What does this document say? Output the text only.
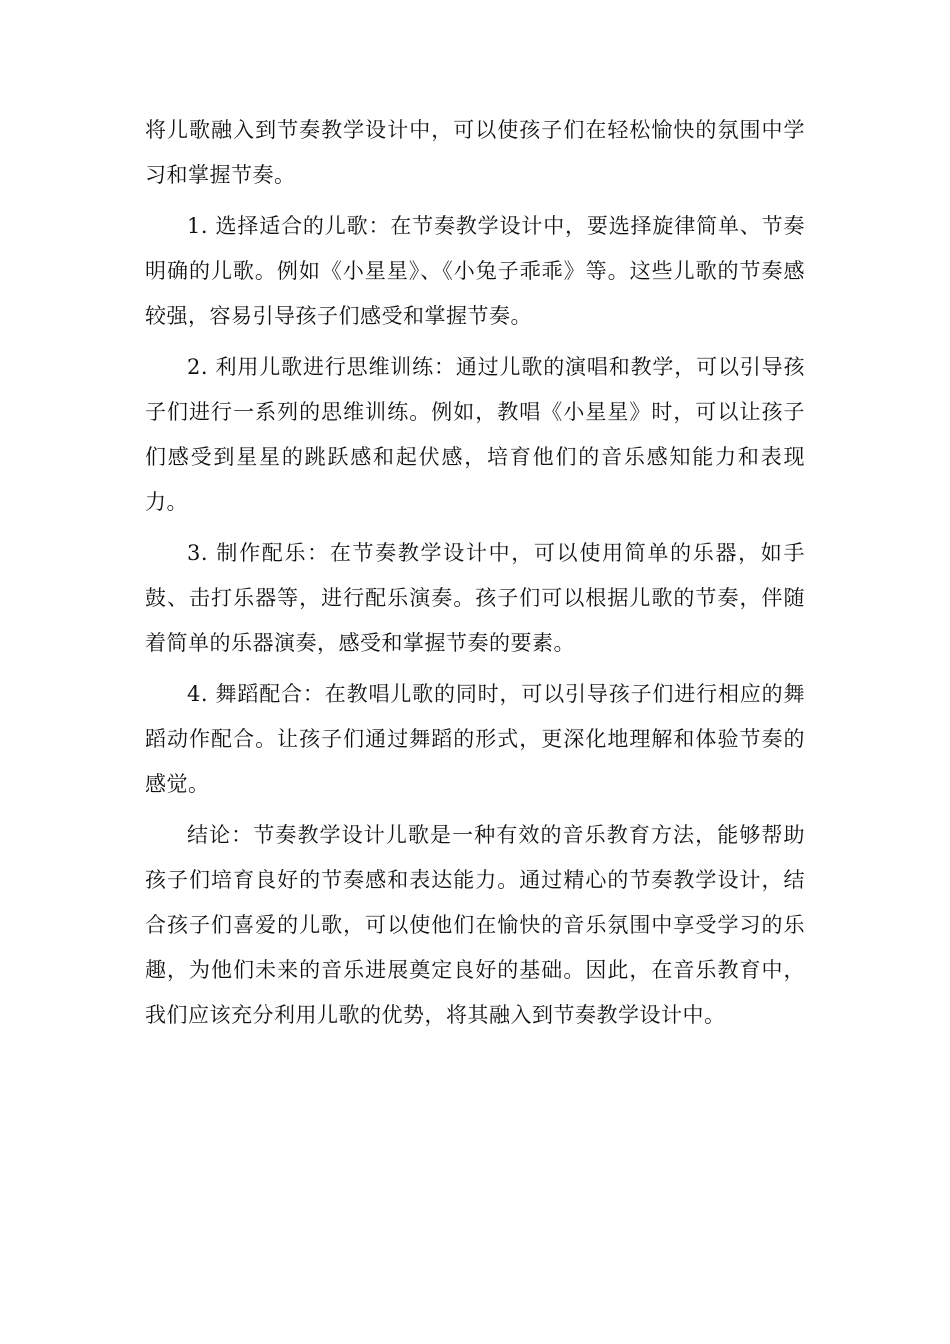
将儿歌融入到节奏教学设计中，可以使孩子们在轻松愉快的氛围中学习和掌握节奏。

1. 选择适合的儿歌：在节奏教学设计中，要选择旋律简单、节奏明确的儿歌。例如《小星星》、《小兔子乖乖》等。这些儿歌的节奏感较强，容易引导孩子们感受和掌握节奏。

2. 利用儿歌进行思维训练：通过儿歌的演唱和教学，可以引导孩子们进行一系列的思维训练。例如，教唱《小星星》时，可以让孩子们感受到星星的跳跃感和起伏感，培育他们的音乐感知能力和表现力。

3. 制作配乐：在节奏教学设计中，可以使用简单的乐器，如手鼓、击打乐器等，进行配乐演奏。孩子们可以根据儿歌的节奏，伴随着简单的乐器演奏，感受和掌握节奏的要素。

4. 舞蹈配合：在教唱儿歌的同时，可以引导孩子们进行相应的舞蹈动作配合。让孩子们通过舞蹈的形式，更深化地理解和体验节奏的感觉。

结论：节奏教学设计儿歌是一种有效的音乐教育方法，能够帮助孩子们培育良好的节奏感和表达能力。通过精心的节奏教学设计，结合孩子们喜爱的儿歌，可以使他们在愉快的音乐氛围中享受学习的乐趣，为他们未来的音乐进展奠定良好的基础。因此，在音乐教育中，我们应该充分利用儿歌的优势，将其融入到节奏教学设计中。
